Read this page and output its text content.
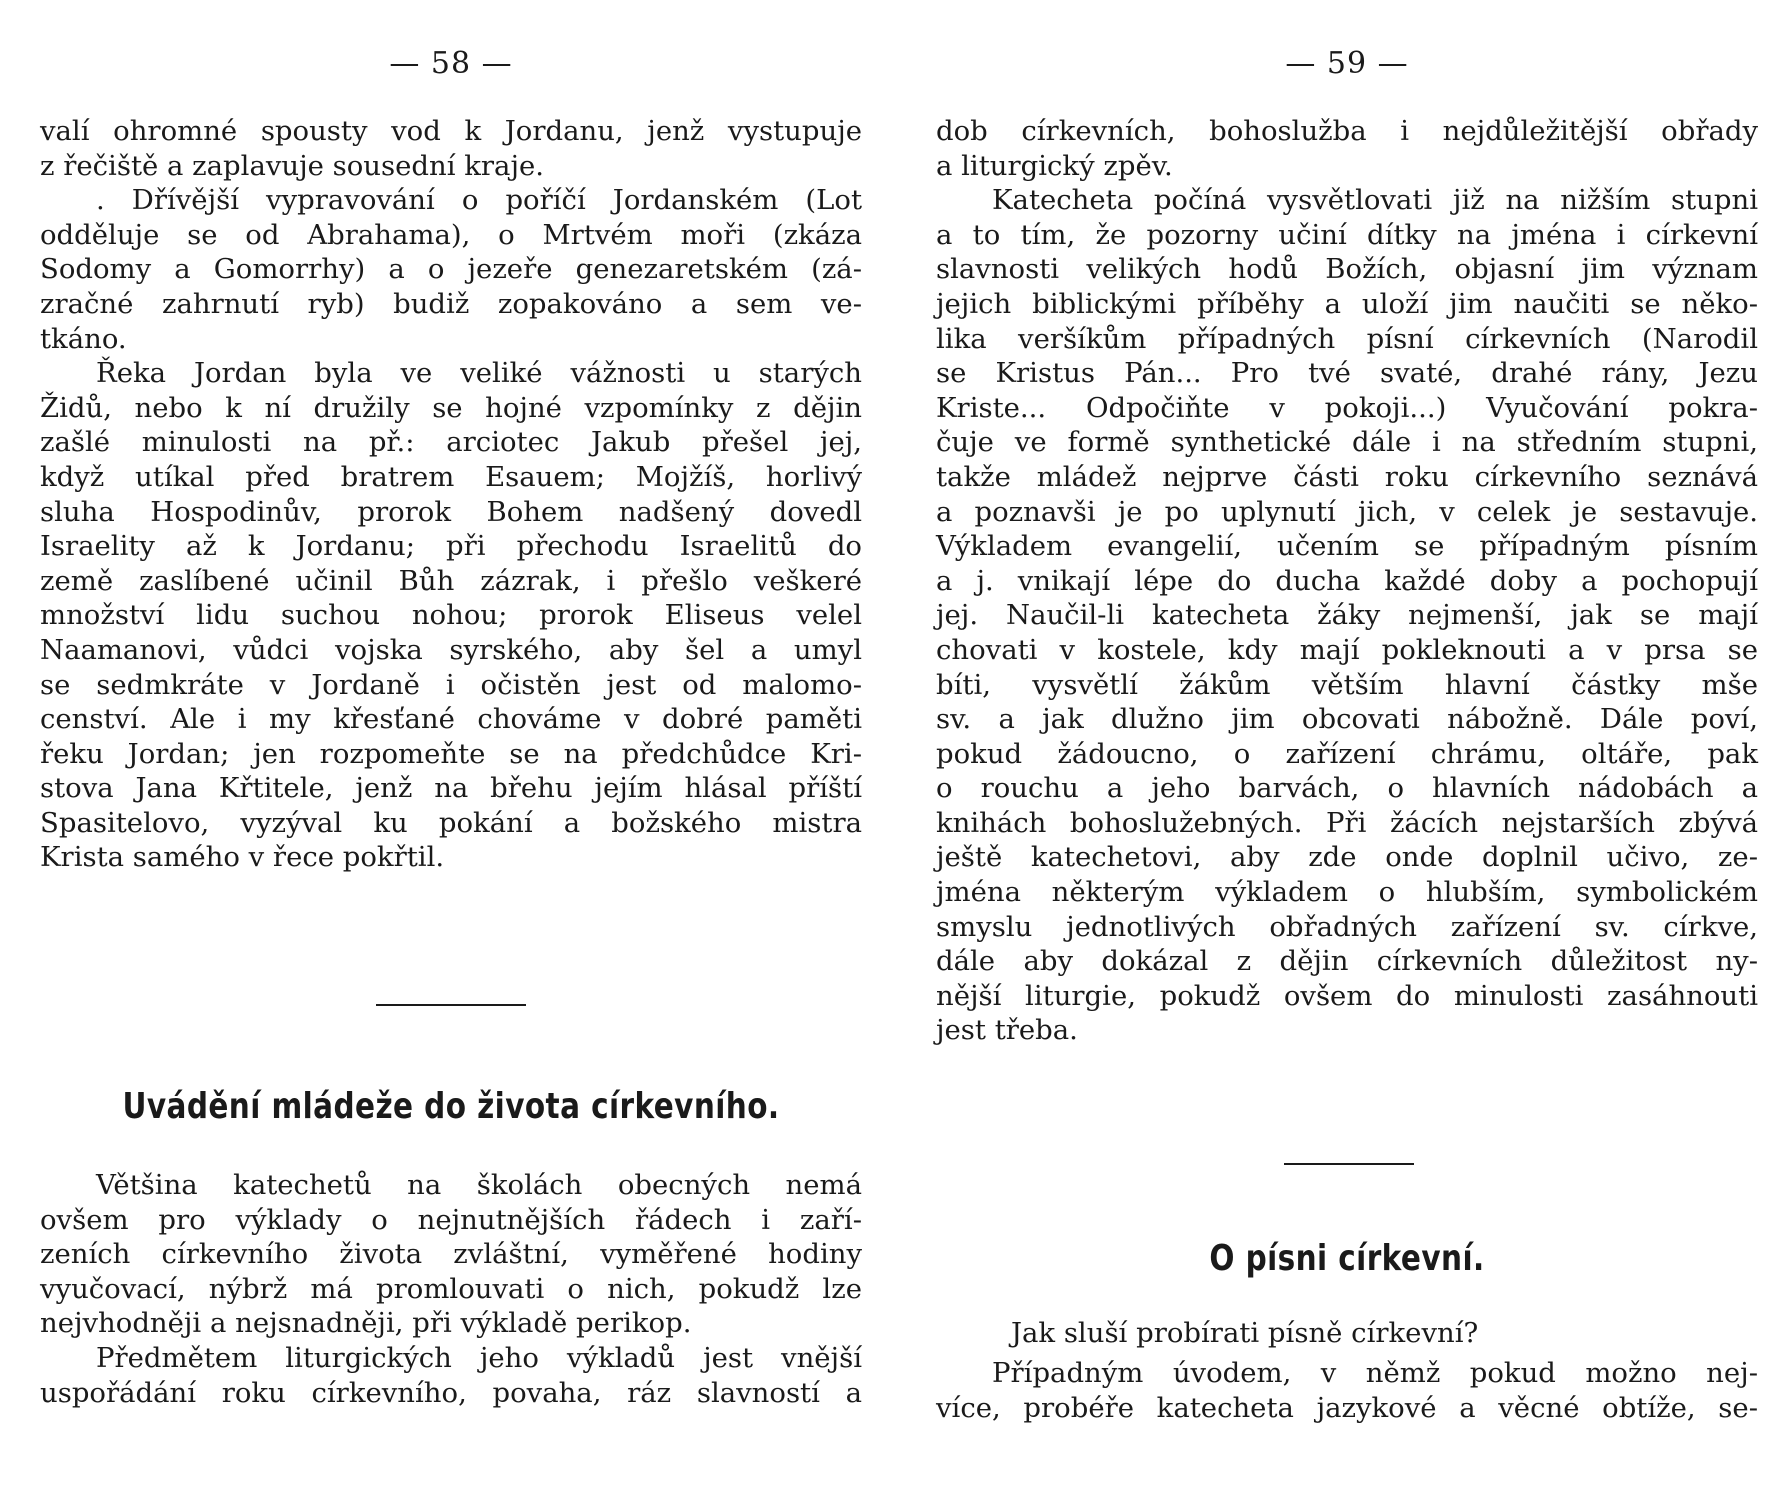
— 58 —
valí ohromné spousty vod k Jordanu, jenž vystupuje
z řečiště a zaplavuje sousední kraje.
. Dřívější vypravování o poříčí Jordanském (Lot
odděluje se od Abrahama), o Mrtvém moři (zkáza
Sodomy a Gomorrhy) a o jezeře genezaretském (zá-
zračné zahrnutí ryb) budiž zopakováno a sem ve-
tkáno.
Řeka Jordan byla ve veliké vážnosti u starých
Židů, nebo k ní družily se hojné vzpomínky z dějin
zašlé minulosti na př.: arciotec Jakub přešel jej,
když utíkal před bratrem Esauem; Mojžíš, horlivý
sluha Hospodinův, prorok Bohem nadšený dovedl
Israelity až k Jordanu; při přechodu Israelitů do
země zaslíbené učinil Bůh zázrak, i přešlo veškeré
množství lidu suchou nohou; prorok Eliseus velel
Naamanovi, vůdci vojska syrského, aby šel a umyl
se sedmkráte v Jordaně i očistěn jest od malomo-
cenství. Ale i my křesťané chováme v dobré paměti
řeku Jordan; jen rozpomeňte se na předchůdce Kri-
stova Jana Křtitele, jenž na břehu jejím hlásal příští
Spasitelovo, vyzýval ku pokání a božského mistra
Krista samého v řece pokřtil.
Uvádění mládeže do života církevního.
Většina katechetů na školách obecných nemá
ovšem pro výklady o nejnutnějších řádech i zaří-
zeních církevního života zvláštní, vyměřené hodiny
vyučovací, nýbrž má promlouvati o nich, pokudž lze
nejvhodněji a nejsnadněji, při výkladě perikop.
Předmětem liturgických jeho výkladů jest vnější
uspořádání roku církevního, povaha, ráz slavností a
— 59 —
dob církevních, bohoslužba i nejdůležitější obřady
a liturgický zpěv.
Katecheta počíná vysvětlovati již na nižším stupni
a to tím, že pozorny učiní dítky na jména i církevní
slavnosti velikých hodů Božích, objasní jim význam
jejich biblickými příběhy a uloží jim naučiti se něko-
lika veršíkům případných písní církevních (Narodil
se Kristus Pán... Pro tvé svaté, drahé rány, Jezu
Kriste... Odpočiňte v pokoji...) Vyučování pokra-
čuje ve formě synthetické dále i na středním stupni,
takže mládež nejprve části roku církevního seznává
a poznavši je po uplynutí jich, v celek je sestavuje.
Výkladem evangelií, učením se případným písním
a j. vnikají lépe do ducha každé doby a pochopují
jej. Naučil-li katecheta žáky nejmenší, jak se mají
chovati v kostele, kdy mají pokleknouti a v prsa se
bíti, vysvětlí žákům větším hlavní částky mše
sv. a jak dlužno jim obcovati nábožně. Dále poví,
pokud žádoucno, o zařízení chrámu, oltáře, pak
o rouchu a jeho barvách, o hlavních nádobách a
knihách bohoslužebných. Při žácích nejstarších zbývá
ještě katechetovi, aby zde onde doplnil učivo, ze-
jména některým výkladem o hlubším, symbolickém
smyslu jednotlivých obřadných zařízení sv. církve,
dále aby dokázal z dějin církevních důležitost ny-
nější liturgie, pokudž ovšem do minulosti zasáhnouti
jest třeba.
O písni církevní.
Jak sluší probírati písně církevní?
Případným úvodem, v němž pokud možno nej-
více, probéře katecheta jazykové a věcné obtíže, se-
